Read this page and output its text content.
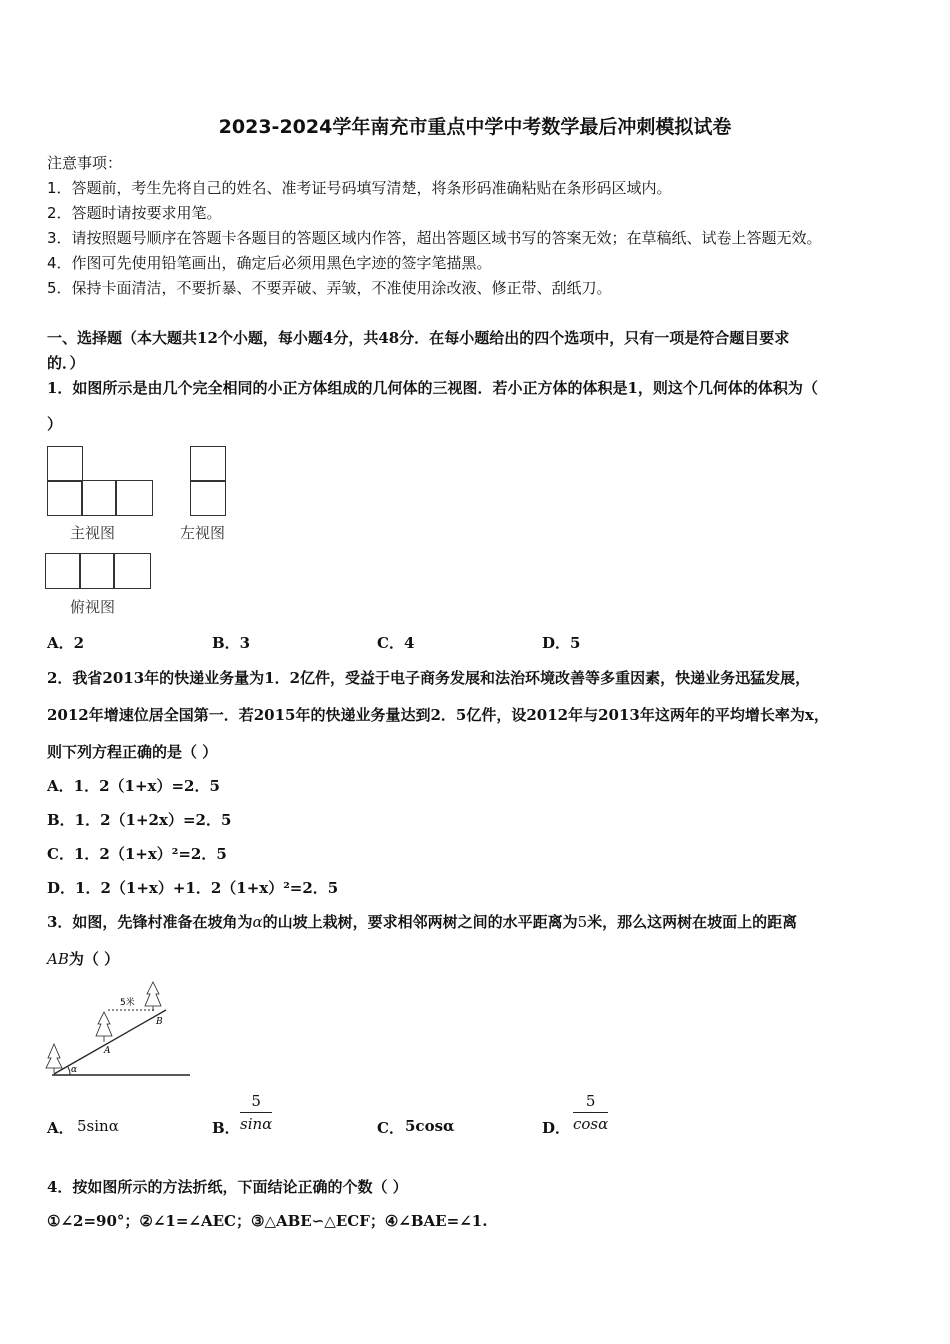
2023-2024学年南充市重点中学中考数学最后冲刺模拟试卷
注意事项：
1．答题前，考生先将自己的姓名、准考证号码填写清楚，将条形码准确粘贴在条形码区域内。
2．答题时请按要求用笔。
3．请按照题号顺序在答题卡各题目的答题区域内作答，超出答题区域书写的答案无效；在草稿纸、试卷上答题无效。
4．作图可先使用铅笔画出，确定后必须用黑色字迹的签字笔描黑。
5．保持卡面清洁，不要折暴、不要弄破、弄皱，不准使用涂改液、修正带、刮纸刀。
一、选择题（本大题共12个小题，每小题4分，共48分．在每小题给出的四个选项中，只有一项是符合题目要求
的．）
1．如图所示是由几个完全相同的小正方体组成的几何体的三视图．若小正方体的体积是1，则这个几何体的体积为（
）
主视图	左视图
俯视图
A．2	B．3	C．4	D．5
2．我省2013年的快递业务量为1．2亿件，受益于电子商务发展和法治环境改善等多重因素，快递业务迅猛发展，
2012年增速位居全国第一．若2015年的快递业务量达到2．5亿件，设2012年与2013年这两年的平均增长率为x，
则下列方程正确的是（ ）
A．1．2（1+x）=2．5
B．1．2（1+2x）=2．5
C．1．2（1+x）²=2．5
D．1．2（1+x）+1．2（1+x）²=2．5
3．如图，先锋村准备在坡角为α的山坡上栽树，要求相邻两树之间的水平距离为5米，那么这两树在坡面上的距离
AB为（ ）
α
5米
A
B
A． 5sinα	B． $\frac{5}{\sin\alpha}$	C． 5cosα	D． $\frac{5}{\cos\alpha}$
4．按如图所示的方法折纸，下面结论正确的个数（ ）
①∠2=90°；②∠1=∠AEC；③△ABE∽△ECF；④∠BAE=∠1.
